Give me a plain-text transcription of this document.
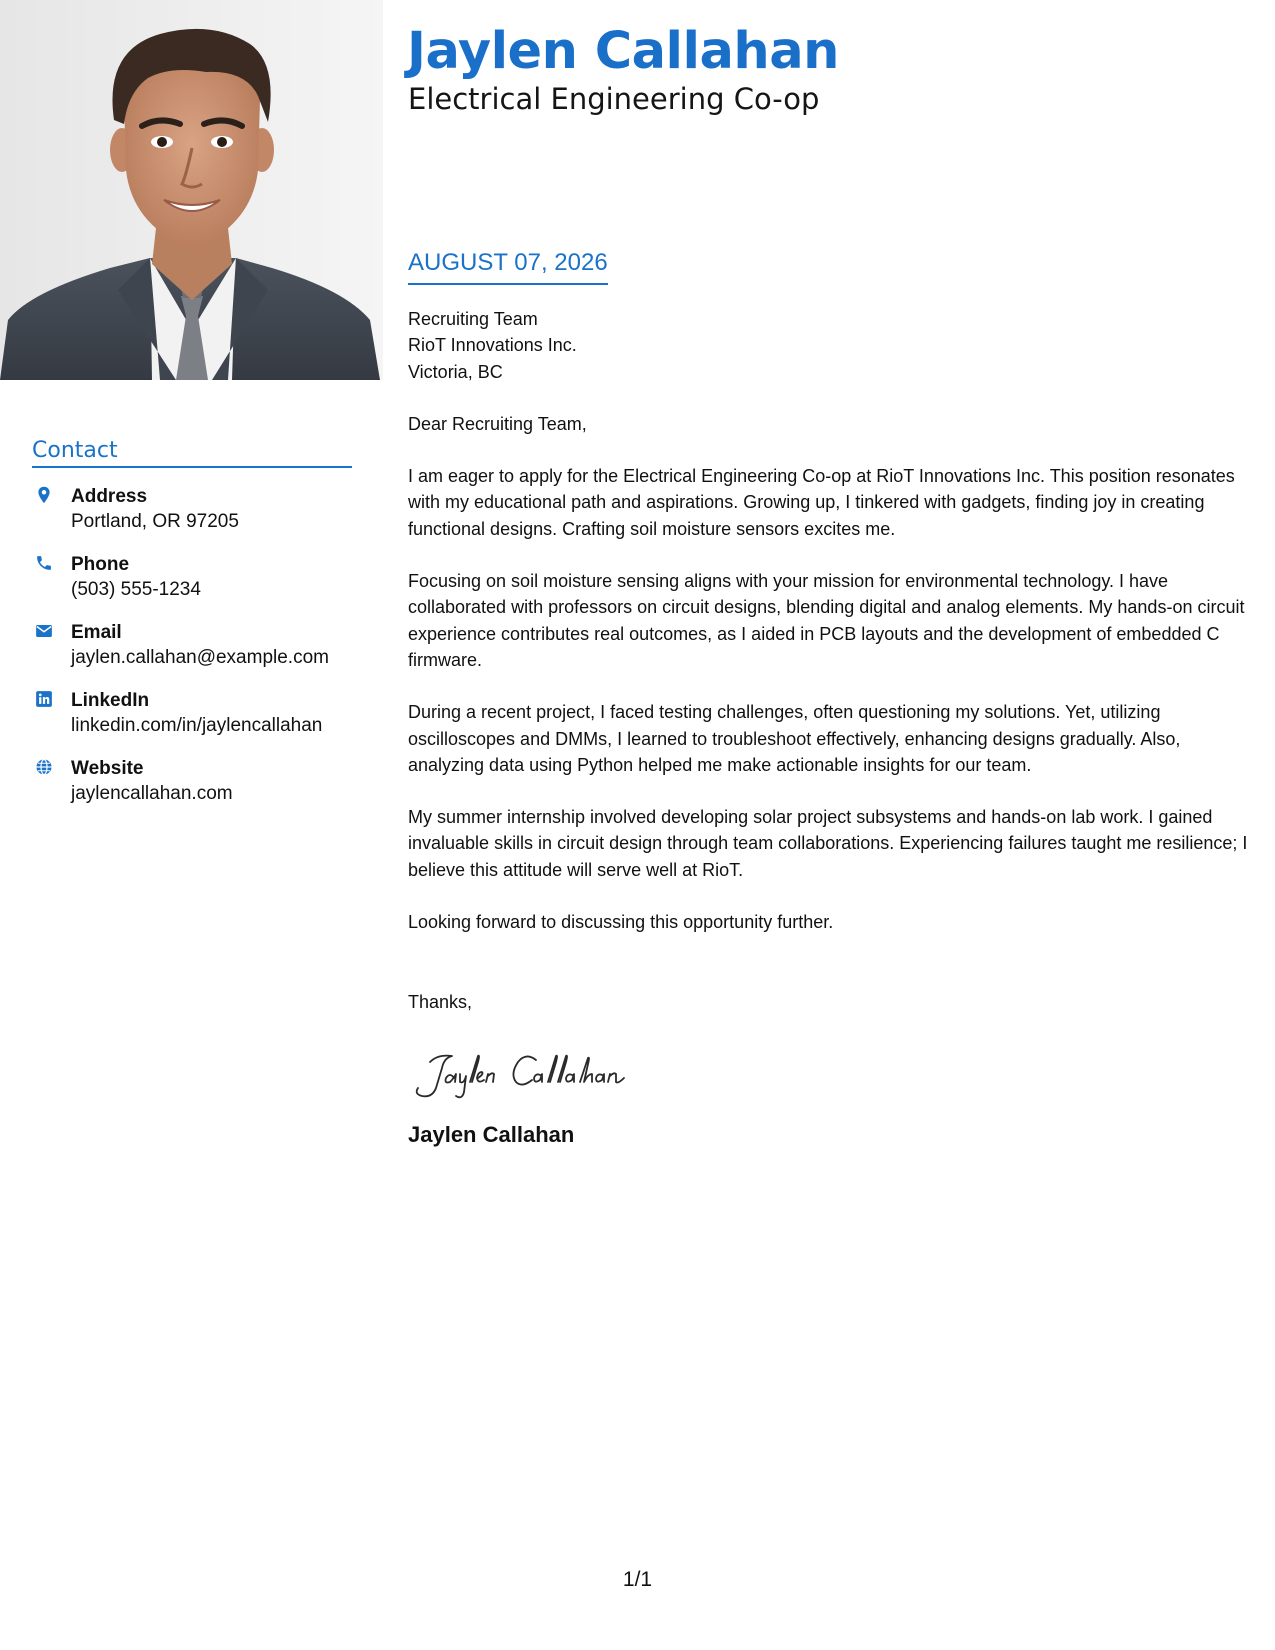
Contact
Address
Portland, OR 97205
Phone
(503) 555-1234
Email
jaylen.callahan@example.com
LinkedIn
linkedin.com/in/jaylencallahan
Website
jaylencallahan.com
Jaylen Callahan
Electrical Engineering Co-op
AUGUST 07, 2026
Recruiting Team
RioT Innovations Inc.
Victoria, BC

Dear Recruiting Team,

I am eager to apply for the Electrical Engineering Co-op at RioT Innovations Inc. This position resonates with my educational path and aspirations. Growing up, I tinkered with gadgets, finding joy in creating functional designs. Crafting soil moisture sensors excites me.

Focusing on soil moisture sensing aligns with your mission for environmental technology. I have collaborated with professors on circuit designs, blending digital and analog elements. My hands-on circuit experience contributes real outcomes, as I aided in PCB layouts and the development of embedded C firmware.

During a recent project, I faced testing challenges, often questioning my solutions. Yet, utilizing oscilloscopes and DMMs, I learned to troubleshoot effectively, enhancing designs gradually. Also, analyzing data using Python helped me make actionable insights for our team.

My summer internship involved developing solar project subsystems and hands-on lab work. I gained invaluable skills in circuit design through team collaborations. Experiencing failures taught me resilience; I believe this attitude will serve well at RioT.

Looking forward to discussing this opportunity further.

Thanks,
Jaylen Callahan
1/1
